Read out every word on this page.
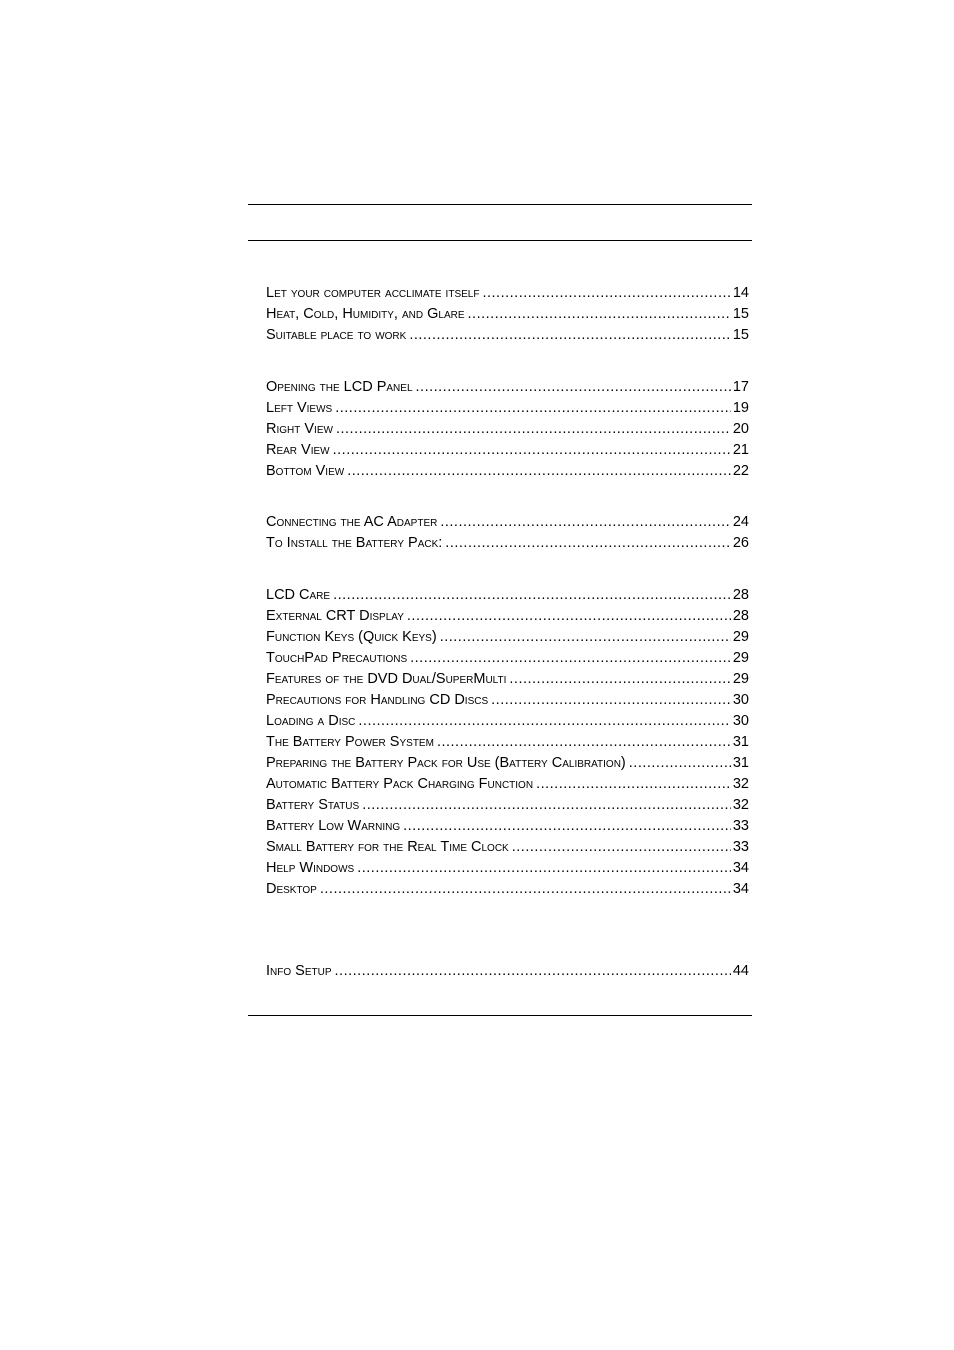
Let your computer acclimate itself .....	14
Heat, Cold, Humidity, and Glare .....	15
Suitable place to work .....	15
Opening the LCD Panel .....	17
Left Views .....	19
Right View .....	20
Rear View .....	21
Bottom View .....	22
Connecting the AC Adapter .....	24
To Install the Battery Pack: .....	26
LCD Care .....	28
External CRT Display .....	28
Function Keys (Quick Keys) .....	29
TouchPad Precautions .....	29
Features of the DVD Dual/SuperMulti .....	29
Precautions for Handling CD Discs .....	30
Loading a Disc .....	30
The Battery Power System .....	31
Preparing the Battery Pack for Use (Battery Calibration) .....	31
Automatic Battery Pack Charging Function .....	32
Battery Status .....	32
Battery Low Warning .....	33
Small Battery for the Real Time Clock .....	33
Help Windows .....	34
Desktop .....	34
Info Setup .....	44
